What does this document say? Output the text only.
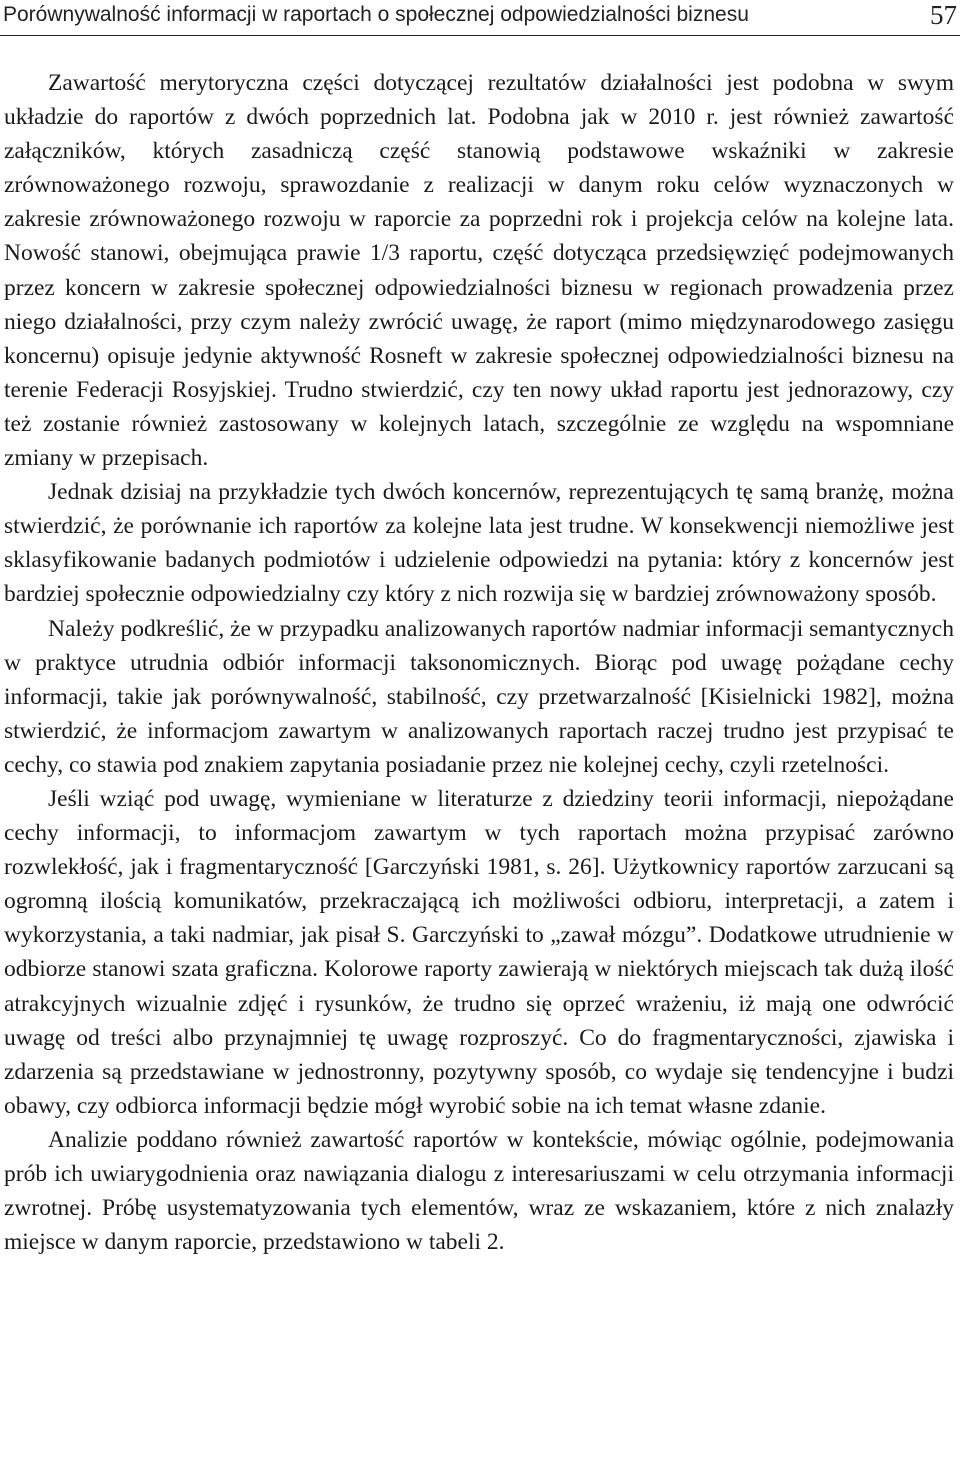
Porównywalność informacji w raportach o społecznej odpowiedzialności biznesu	57

Zawartość merytoryczna części dotyczącej rezultatów działalności jest podobna w swym układzie do raportów z dwóch poprzednich lat. Podobna jak w 2010 r. jest również zawartość załączników, których zasadniczą część stanowią podstawowe wskaźniki w zakresie zrównoważonego rozwoju, sprawozdanie z realizacji w danym roku celów wyznaczonych w zakresie zrównoważonego rozwoju w raporcie za poprzedni rok i projekcja celów na kolejne lata. Nowość stanowi, obejmująca prawie 1/3 raportu, część dotycząca przedsięwzięć podejmowanych przez koncern w zakresie społecznej odpowiedzialności biznesu w regionach prowadzenia przez niego działalności, przy czym należy zwrócić uwagę, że raport (mimo międzynarodowego zasięgu koncernu) opisuje jedynie aktywność Rosneft w zakresie społecznej odpowiedzialności biznesu na terenie Federacji Rosyjskiej. Trudno stwierdzić, czy ten nowy układ raportu jest jednorazowy, czy też zostanie również zastosowany w kolejnych latach, szczególnie ze względu na wspomniane zmiany w przepisach.

Jednak dzisiaj na przykładzie tych dwóch koncernów, reprezentujących tę samą branżę, można stwierdzić, że porównanie ich raportów za kolejne lata jest trudne. W konsekwencji niemożliwe jest sklasyfikowanie badanych podmiotów i udzielenie odpowiedzi na pytania: który z koncernów jest bardziej społecznie odpowiedzialny czy który z nich rozwija się w bardziej zrównoważony sposób.

Należy podkreślić, że w przypadku analizowanych raportów nadmiar informacji semantycznych w praktyce utrudnia odbiór informacji taksonomicznych. Biorąc pod uwagę pożądane cechy informacji, takie jak porównywalność, stabilność, czy przetwarzalność [Kisielnicki 1982], można stwierdzić, że informacjom zawartym w analizowanych raportach raczej trudno jest przypisać te cechy, co stawia pod znakiem zapytania posiadanie przez nie kolejnej cechy, czyli rzetelności.

Jeśli wziąć pod uwagę, wymieniane w literaturze z dziedziny teorii informacji, niepożądane cechy informacji, to informacjom zawartym w tych raportach można przypisać zarówno rozwlekłość, jak i fragmentaryczność [Garczyński 1981, s. 26]. Użytkownicy raportów zarzucani są ogromną ilością komunikatów, przekraczającą ich możliwości odbioru, interpretacji, a zatem i wykorzystania, a taki nadmiar, jak pisał S. Garczyński to „zawał mózgu”. Dodatkowe utrudnienie w odbiorze stanowi szata graficzna. Kolorowe raporty zawierają w niektórych miejscach tak dużą ilość atrakcyjnych wizualnie zdjęć i rysunków, że trudno się oprzeć wrażeniu, iż mają one odwrócić uwagę od treści albo przynajmniej tę uwagę rozproszyć. Co do fragmentaryczności, zjawiska i zdarzenia są przedstawiane w jednostronny, pozytywny sposób, co wydaje się tendencyjne i budzi obawy, czy odbiorca informacji będzie mógł wyrobić sobie na ich temat własne zdanie.

Analizie poddano również zawartość raportów w kontekście, mówiąc ogólnie, podejmowania prób ich uwiarygodnienia oraz nawiązania dialogu z interesariuszami w celu otrzymania informacji zwrotnej. Próbę usystematyzowania tych elementów, wraz ze wskazaniem, które z nich znalazły miejsce w danym raporcie, przedstawiono w tabeli 2.
